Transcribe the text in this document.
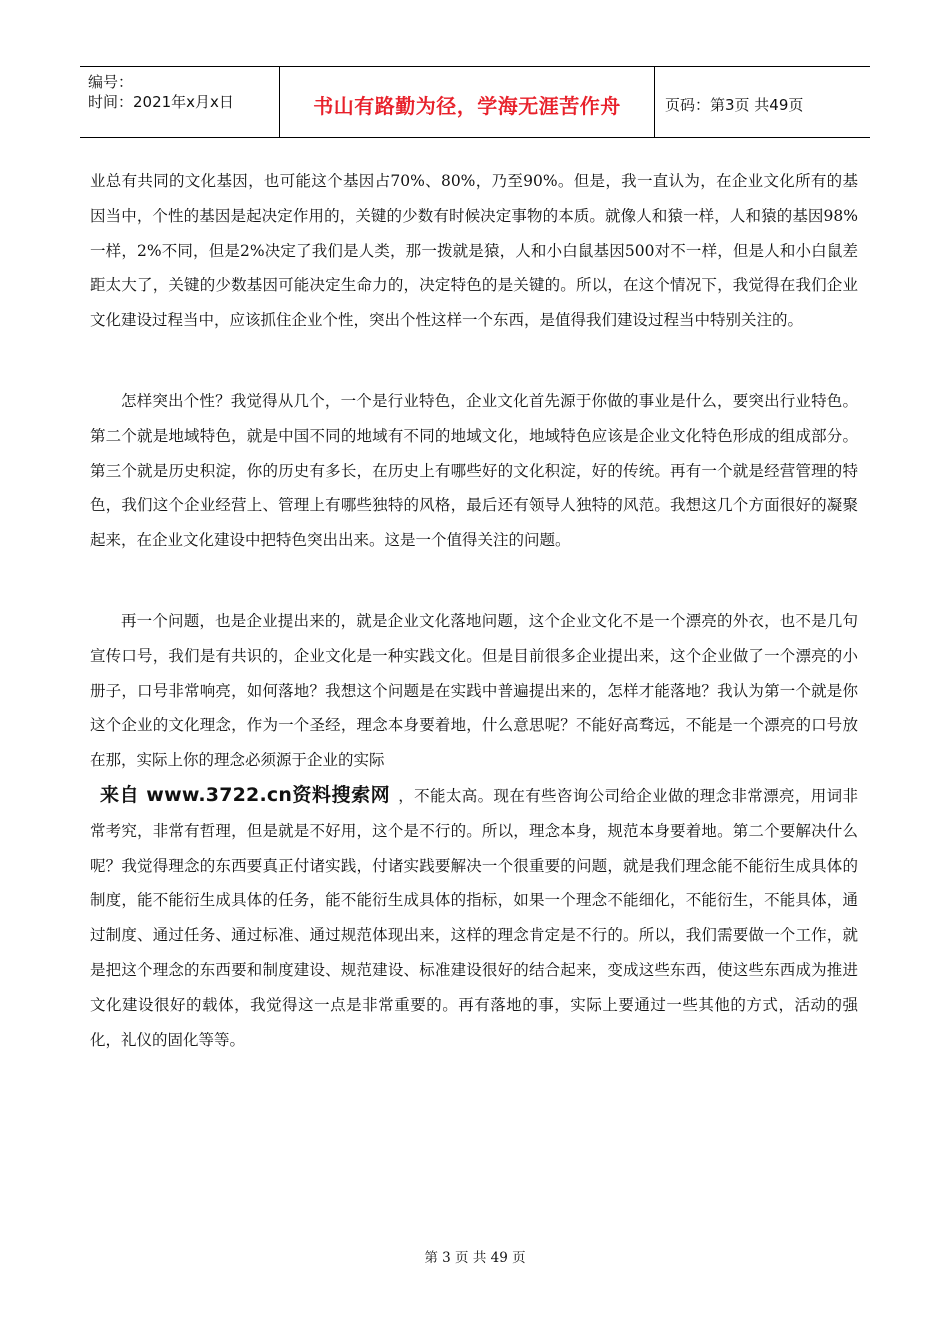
编号：
时间：2021年x月x日	书山有路勤为径，学海无涯苦作舟	页码：第3页 共49页

业总有共同的文化基因，也可能这个基因占70%、80%，乃至90%。但是，我一直认为，在企业文化所有的基因当中，个性的基因是起决定作用的，关键的少数有时候决定事物的本质。就像人和猿一样，人和猿的基因98%一样，2%不同，但是2%决定了我们是人类，那一拨就是猿，人和小白鼠基因500对不一样，但是人和小白鼠差距太大了，关键的少数基因可能决定生命力的，决定特色的是关键的。所以，在这个情况下，我觉得在我们企业文化建设过程当中，应该抓住企业个性，突出个性这样一个东西，是值得我们建设过程当中特别关注的。

怎样突出个性？我觉得从几个，一个是行业特色，企业文化首先源于你做的事业是什么，要突出行业特色。第二个就是地域特色，就是中国不同的地域有不同的地域文化，地域特色应该是企业文化特色形成的组成部分。第三个就是历史积淀，你的历史有多长，在历史上有哪些好的文化积淀，好的传统。再有一个就是经营管理的特色，我们这个企业经营上、管理上有哪些独特的风格，最后还有领导人独特的风范。我想这几个方面很好的凝聚起来，在企业文化建设中把特色突出出来。这是一个值得关注的问题。

再一个问题，也是企业提出来的，就是企业文化落地问题，这个企业文化不是一个漂亮的外衣，也不是几句宣传口号，我们是有共识的，企业文化是一种实践文化。但是目前很多企业提出来，这个企业做了一个漂亮的小册子，口号非常响亮，如何落地？我想这个问题是在实践中普遍提出来的，怎样才能落地？我认为第一个就是你这个企业的文化理念，作为一个圣经，理念本身要着地，什么意思呢？不能好高骛远，不能是一个漂亮的口号放在那，实际上你的理念必须源于企业的实际

来自 www.3722.cn资料搜索网 ，不能太高。现在有些咨询公司给企业做的理念非常漂亮，用词非常考究，非常有哲理，但是就是不好用，这个是不行的。所以，理念本身，规范本身要着地。第二个要解决什么呢？我觉得理念的东西要真正付诸实践，付诸实践要解决一个很重要的问题，就是我们理念能不能衍生成具体的制度，能不能衍生成具体的任务，能不能衍生成具体的指标，如果一个理念不能细化，不能衍生，不能具体，通过制度、通过任务、通过标准、通过规范体现出来，这样的理念肯定是不行的。所以，我们需要做一个工作，就是把这个理念的东西要和制度建设、规范建设、标准建设很好的结合起来，变成这些东西，使这些东西成为推进文化建设很好的载体，我觉得这一点是非常重要的。再有落地的事，实际上要通过一些其他的方式，活动的强化，礼仪的固化等等。

第 3 页 共 49 页
